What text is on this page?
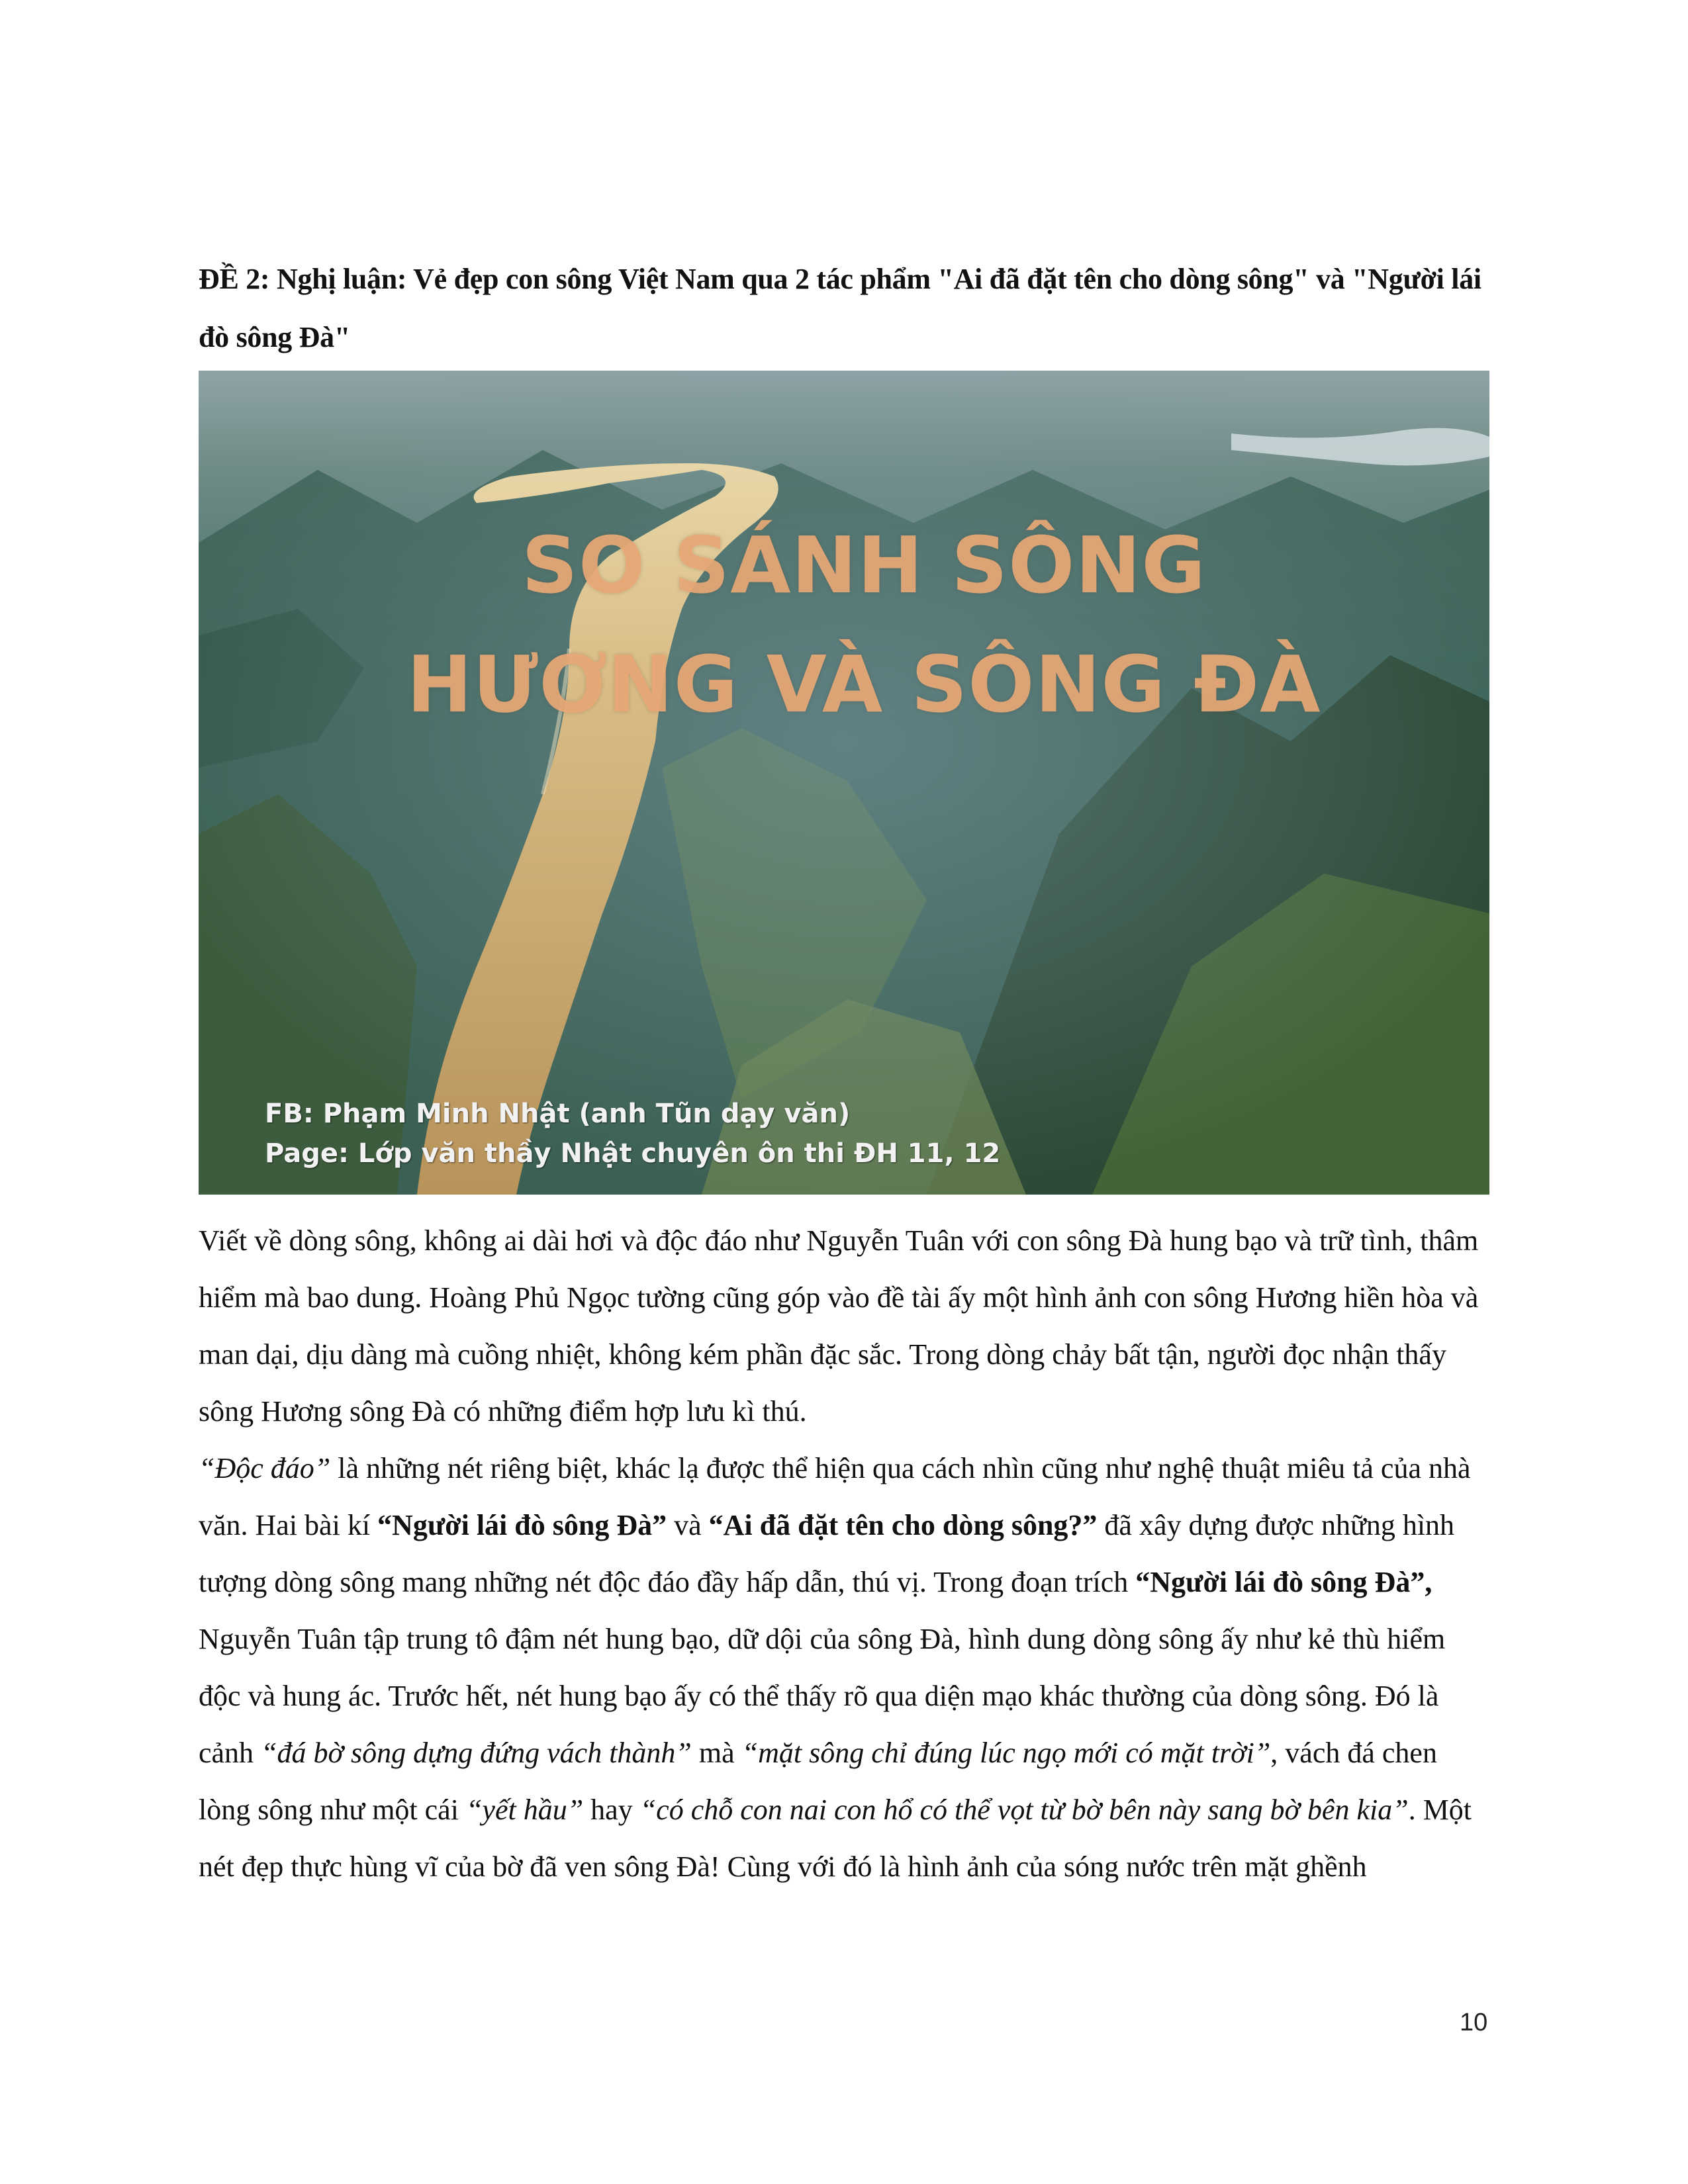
ĐỀ 2: Nghị luận: Vẻ đẹp con sông Việt Nam qua 2 tác phẩm "Ai đã đặt tên cho dòng sông" và "Người lái
đò sông Đà"
SO SÁNH SÔNG
HƯƠNG VÀ SÔNG ĐÀ
FB: Phạm Minh Nhật (anh Tũn dạy văn)
Page: Lớp văn thầy Nhật chuyên ôn thi ĐH 11, 12

Viết về dòng sông, không ai dài hơi và độc đáo như Nguyễn Tuân với con sông Đà hung bạo và trữ tình, thâm hiểm mà bao dung. Hoàng Phủ Ngọc tường cũng góp vào đề tài ấy một hình ảnh con sông Hương hiền hòa và man dại, dịu dàng mà cuồng nhiệt, không kém phần đặc sắc. Trong dòng chảy bất tận, người đọc nhận thấy sông Hương sông Đà có những điểm hợp lưu kì thú.
“Độc đáo” là những nét riêng biệt, khác lạ được thể hiện qua cách nhìn cũng như nghệ thuật miêu tả của nhà văn. Hai bài kí “Người lái đò sông Đà” và “Ai đã đặt tên cho dòng sông?” đã xây dựng được những hình tượng dòng sông mang những nét độc đáo đầy hấp dẫn, thú vị. Trong đoạn trích “Người lái đò sông Đà”, Nguyễn Tuân tập trung tô đậm nét hung bạo, dữ dội của sông Đà, hình dung dòng sông ấy như kẻ thù hiểm độc và hung ác. Trước hết, nét hung bạo ấy có thể thấy rõ qua diện mạo khác thường của dòng sông. Đó là cảnh “đá bờ sông dựng đứng vách thành” mà “mặt sông chỉ đúng lúc ngọ mới có mặt trời”, vách đá chen lòng sông như một cái “yết hầu” hay “có chỗ con nai con hổ có thể vọt từ bờ bên này sang bờ bên kia”. Một nét đẹp thực hùng vĩ của bờ đã ven sông Đà! Cùng với đó là hình ảnh của sóng nước trên mặt ghềnh

10
